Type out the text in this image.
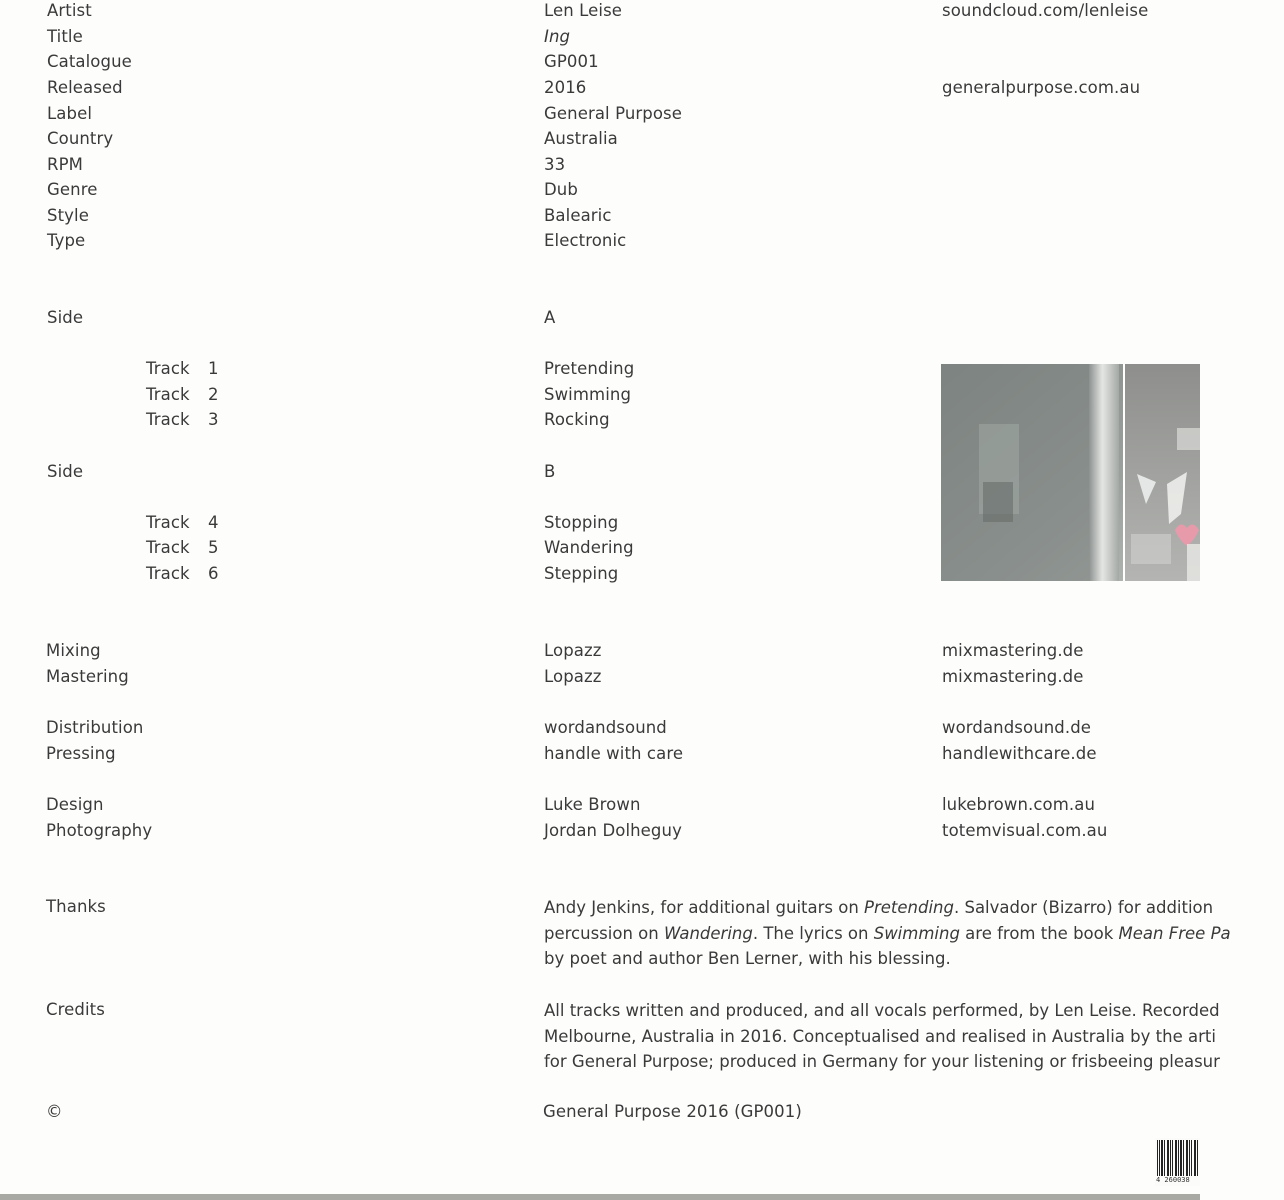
Artist	Len Leise	soundcloud.com/lenleise
Title	Ing
Catalogue	GP001
Released	2016	generalpurpose.com.au
Label	General Purpose
Country	Australia
RPM	33
Genre	Dub
Style	Balearic
Type	Electronic
Side	A
Track 1	Pretending
Track 2	Swimming
Track 3	Rocking
Side	B
Track 4	Stopping
Track 5	Wandering
Track 6	Stepping
Mixing	Lopazz	mixmastering.de
Mastering	Lopazz	mixmastering.de
Distribution	wordandsound	wordandsound.de
Pressing	handle with care	handlewithcare.de
Design	Luke Brown	lukebrown.com.au
Photography	Jordan Dolheguy	totemvisual.com.au
Thanks	Andy Jenkins, for additional guitars on Pretending. Salvador (Bizarro) for addition
percussion on Wandering. The lyrics on Swimming are from the book Mean Free Pa
by poet and author Ben Lerner, with his blessing.
Credits	All tracks written and produced, and all vocals performed, by Len Leise. Recorded
Melbourne, Australia in 2016. Conceptualised and realised in Australia by the arti
for General Purpose; produced in Germany for your listening or frisbeeing pleasur
©	General Purpose 2016 (GP001)
4 260038
